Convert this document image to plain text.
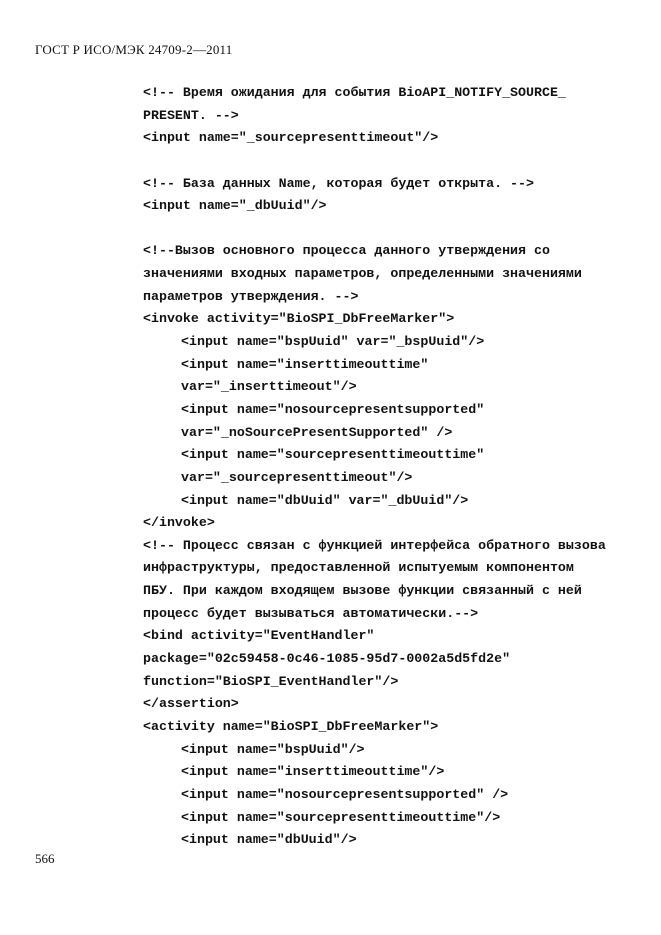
ГОСТ Р ИСО/МЭК 24709-2—2011
<!-- Время ожидания для события BioAPI_NOTIFY_SOURCE_
PRESENT. -->
<input name="_sourcepresenttimeout"/>
<!-- База данных Name, которая будет открыта. -->
<input name="_dbUuid"/>
<!--Вызов основного процесса данного утверждения со
значениями входных параметров, определенными значениями
параметров утверждения. -->
<invoke activity="BioSPI_DbFreeMarker">
<input name="bspUuid" var="_bspUuid"/>
<input name="inserttimeouttime"
var="_inserttimeout"/>
<input name="nosourcepresentsupported"
var="_noSourcePresentSupported" />
<input name="sourcepresenttimeouttime"
var="_sourcepresenttimeout"/>
<input name="dbUuid" var="_dbUuid"/>
</invoke>
<!-- Процесс связан с функцией интерфейса обратного вызова
инфраструктуры, предоставленной испытуемым компонентом
ПБУ. При каждом входящем вызове функции связанный с ней
процесс будет вызываться автоматически.-->
<bind activity="EventHandler"
package="02c59458-0c46-1085-95d7-0002a5d5fd2e"
function="BioSPI_EventHandler"/>
</assertion>
<activity name="BioSPI_DbFreeMarker">
<input name="bspUuid"/>
<input name="inserttimeouttime"/>
<input name="nosourcepresentsupported" />
<input name="sourcepresenttimeouttime"/>
<input name="dbUuid"/>
566
